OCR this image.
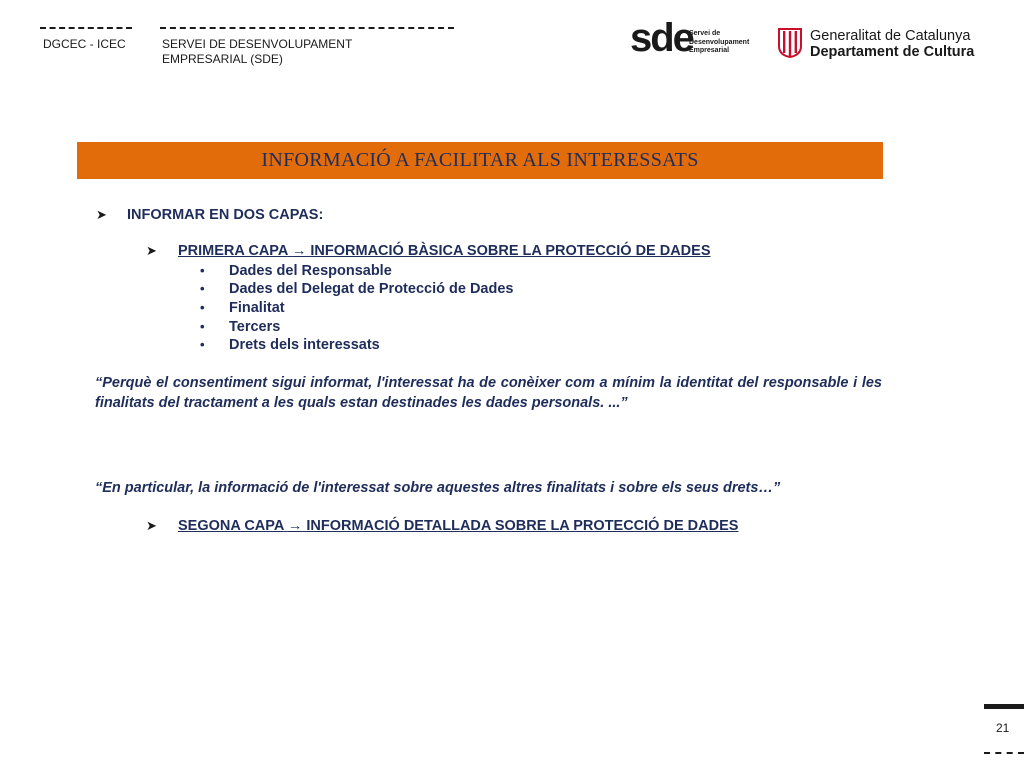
DGCEC - ICEC	SERVEI DE DESENVOLUPAMENT
EMPRESARIAL (SDE)	sde
Servei de
Desenvolupament
Empresarial
Generalitat de Catalunya
Departament de Cultura
INFORMACIÓ A FACILITAR ALS INTERESSATS
➤ INFORMAR EN DOS CAPAS:
➤ PRIMERA CAPA → INFORMACIÓ BÀSICA SOBRE LA PROTECCIÓ DE DADES
• Dades del Responsable
• Dades del Delegat de Protecció de Dades
• Finalitat
• Tercers
• Drets dels interessats
“Perquè el consentiment sigui informat, l'interessat ha de conèixer com a mínim la identitat del responsable i les finalitats del tractament a les quals estan destinades les dades personals. ...”
“En particular, la informació de l'interessat sobre aquestes altres finalitats i sobre els seus drets…”
➤ SEGONA CAPA → INFORMACIÓ DETALLADA SOBRE LA PROTECCIÓ DE DADES
21
